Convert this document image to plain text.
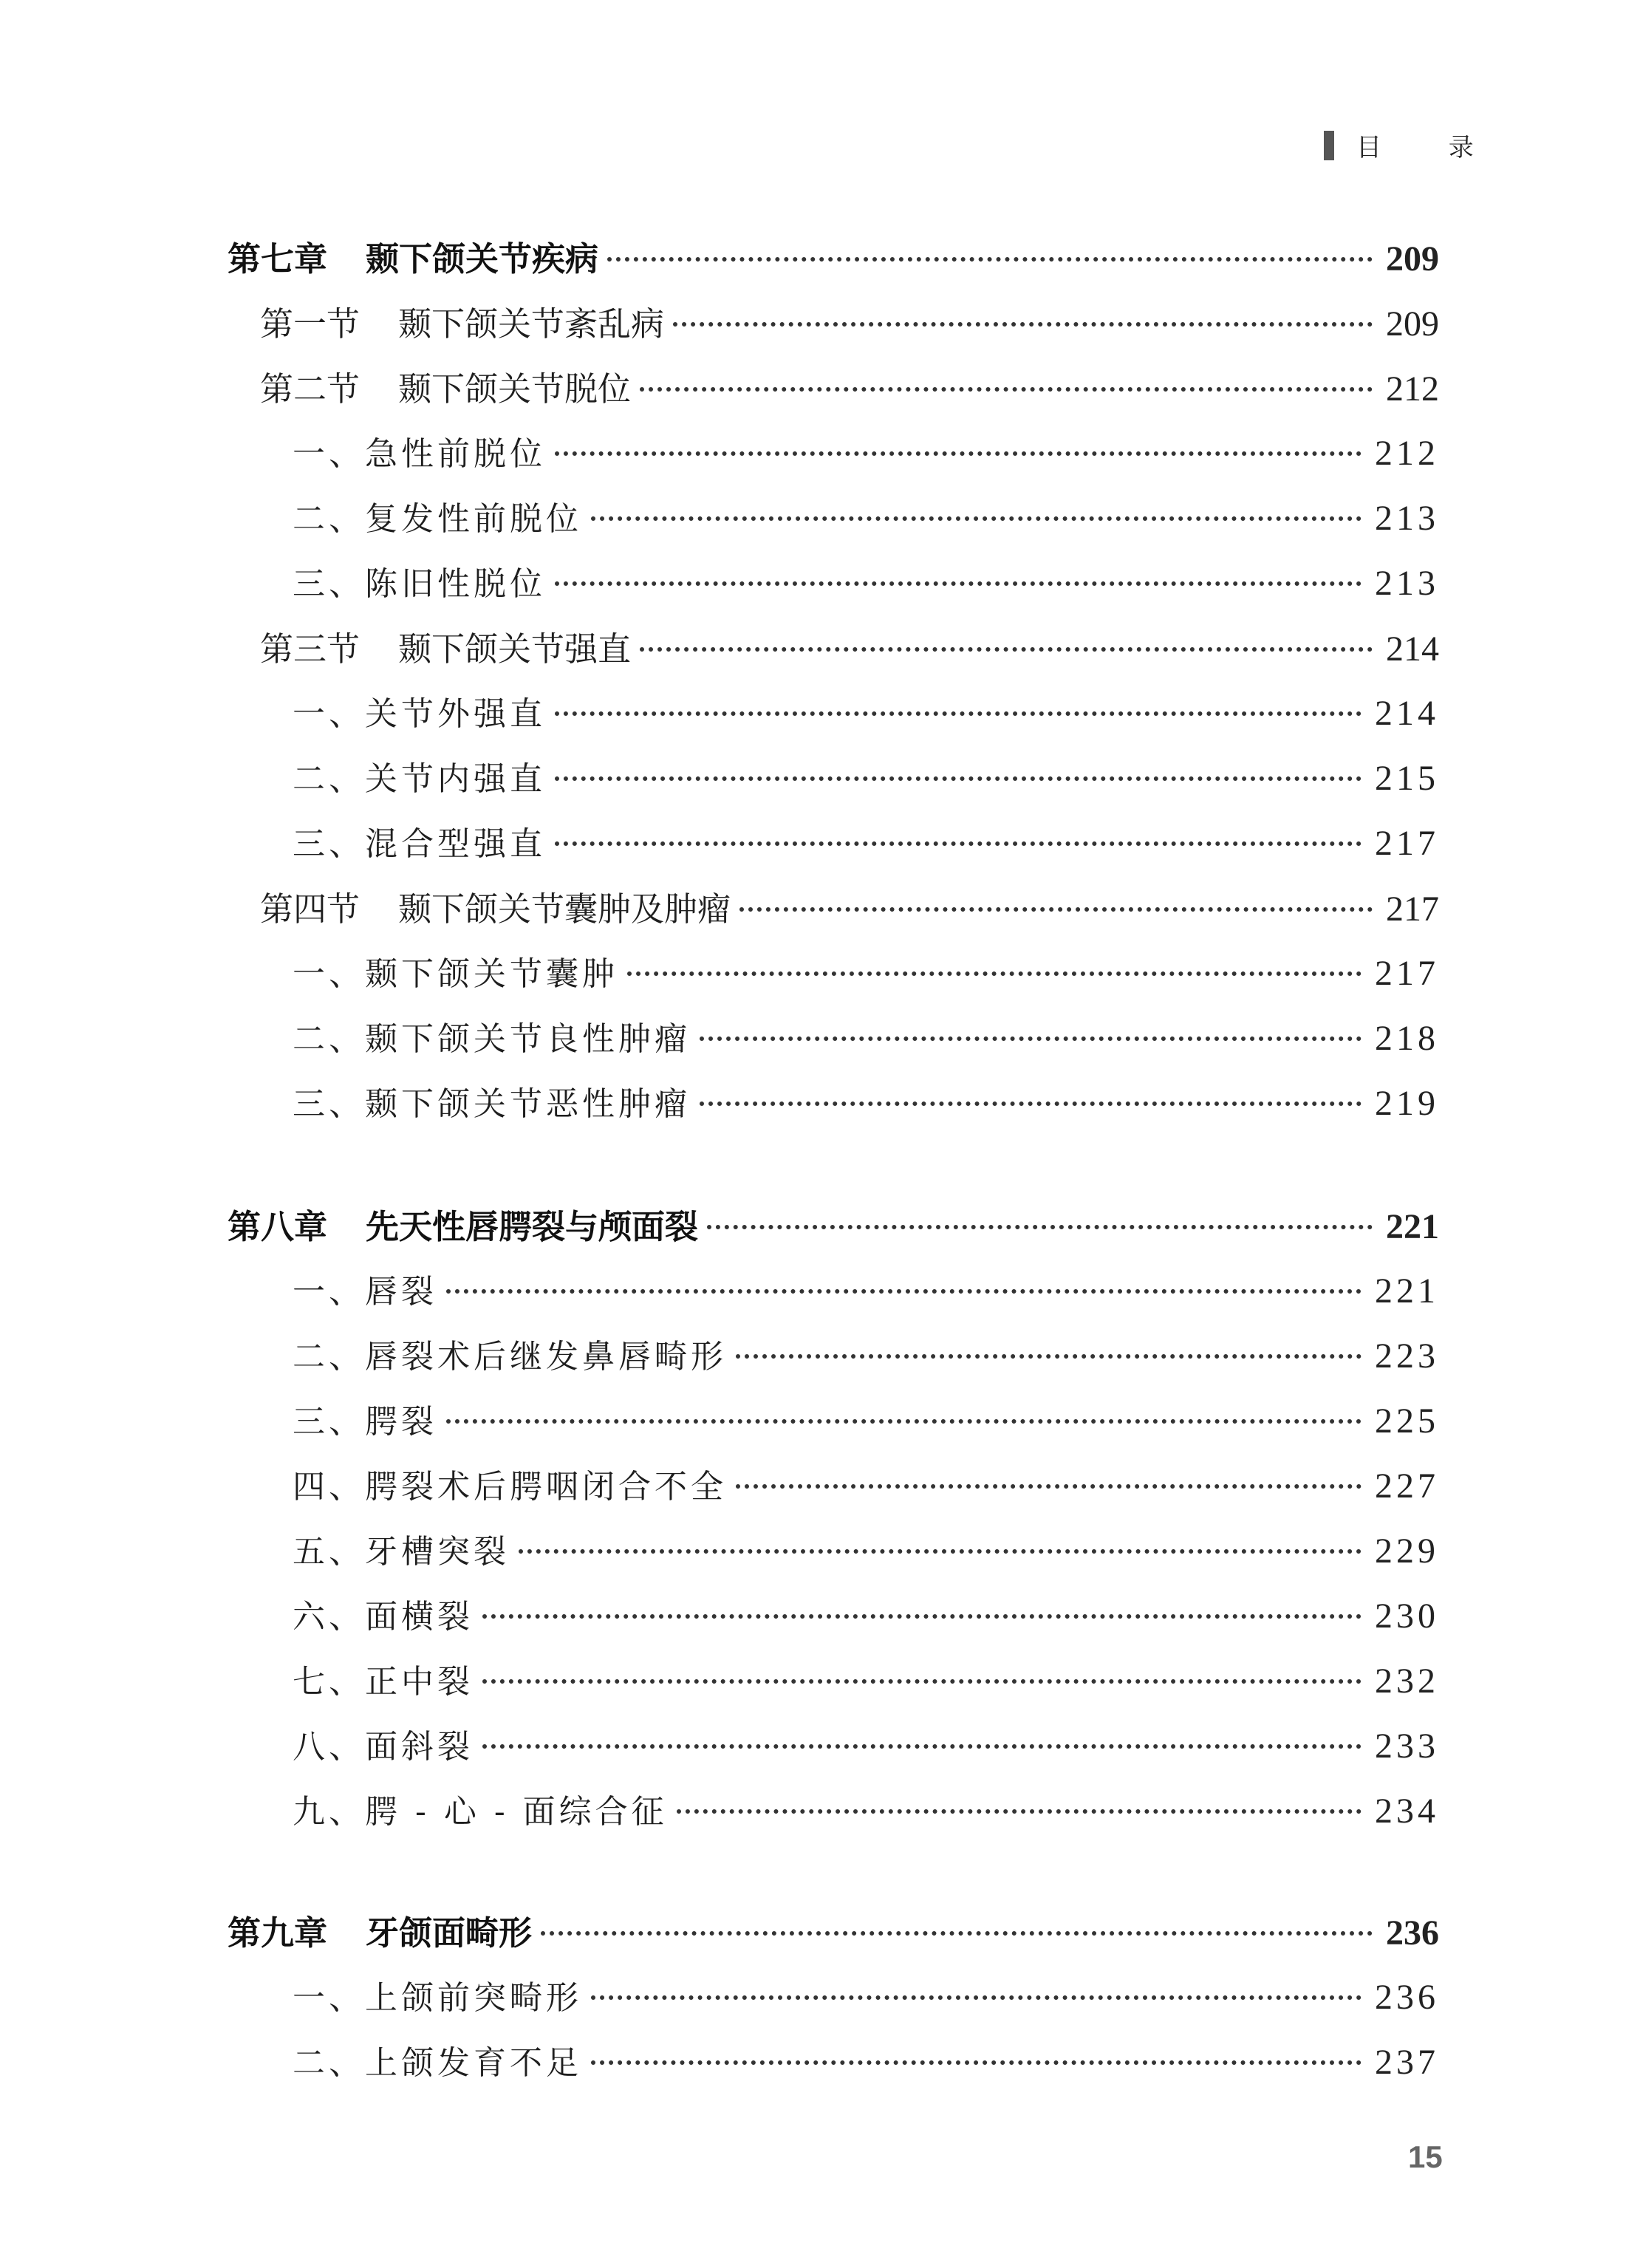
目 录
第七章 颞下颌关节疾病	209
第一节 颞下颌关节紊乱病	209
第二节 颞下颌关节脱位	212
一、急性前脱位	212
二、复发性前脱位	213
三、陈旧性脱位	213
第三节 颞下颌关节强直	214
一、关节外强直	214
二、关节内强直	215
三、混合型强直	217
第四节 颞下颌关节囊肿及肿瘤	217
一、颞下颌关节囊肿	217
二、颞下颌关节良性肿瘤	218
三、颞下颌关节恶性肿瘤	219
第八章 先天性唇腭裂与颅面裂	221
一、唇裂	221
二、唇裂术后继发鼻唇畸形	223
三、腭裂	225
四、腭裂术后腭咽闭合不全	227
五、牙槽突裂	229
六、面横裂	230
七、正中裂	232
八、面斜裂	233
九、腭 - 心 - 面综合征	234
第九章 牙颌面畸形	236
一、上颌前突畸形	236
二、上颌发育不足	237
15
